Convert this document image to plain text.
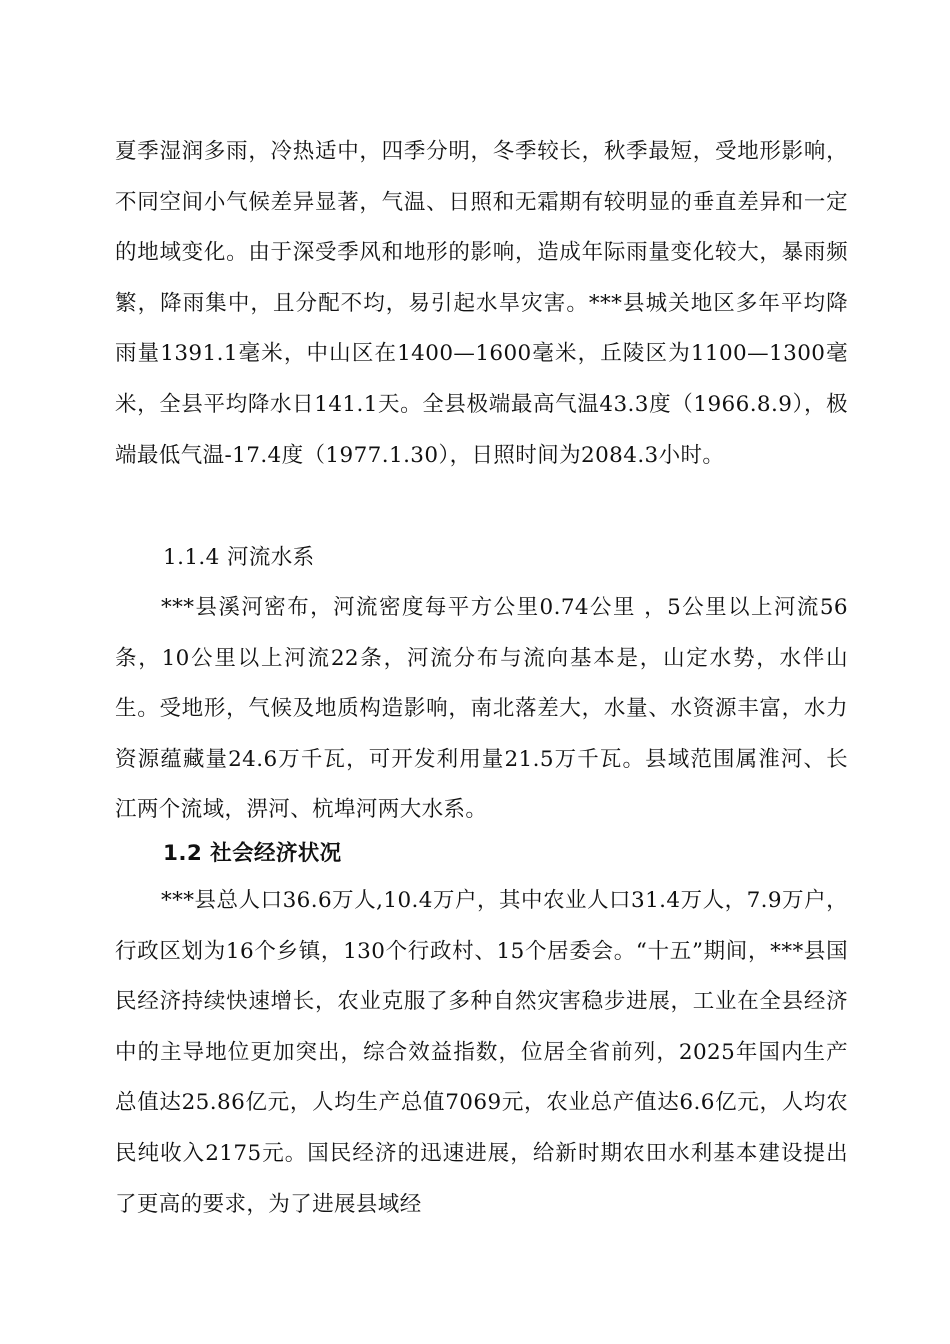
夏季湿润多雨，冷热适中，四季分明，冬季较长，秋季最短，受地形影响，不同空间小气候差异显著，气温、日照和无霜期有较明显的垂直差异和一定的地域变化。由于深受季风和地形的影响，造成年际雨量变化较大，暴雨频繁，降雨集中，且分配不均，易引起水旱灾害。***县城关地区多年平均降雨量1391.1毫米，中山区在1400—1600毫米，丘陵区为1100—1300毫米，全县平均降水日141.1天。全县极端最高气温43.3度（1966.8.9），极端最低气温-17.4度（1977.1.30），日照时间为2084.3小时。

1.1.4 河流水系

***县溪河密布，河流密度每平方公里0.74公里 ，5公里以上河流56条，10公里以上河流22条，河流分布与流向基本是，山定水势，水伴山生。受地形，气候及地质构造影响，南北落差大，水量、水资源丰富，水力资源蕴藏量24.6万千瓦，可开发利用量21.5万千瓦。县域范围属淮河、长江两个流域，淠河、杭埠河两大水系。

1.2 社会经济状况

***县总人口36.6万人,10.4万户，其中农业人口31.4万人，7.9万户，行政区划为16个乡镇，130个行政村、15个居委会。“十五”期间，***县国民经济持续快速增长，农业克服了多种自然灾害稳步进展，工业在全县经济中的主导地位更加突出，综合效益指数，位居全省前列，2025年国内生产总值达25.86亿元，人均生产总值7069元，农业总产值达6.6亿元，人均农民纯收入2175元。国民经济的迅速进展，给新时期农田水利基本建设提出了更高的要求，为了进展县域经
